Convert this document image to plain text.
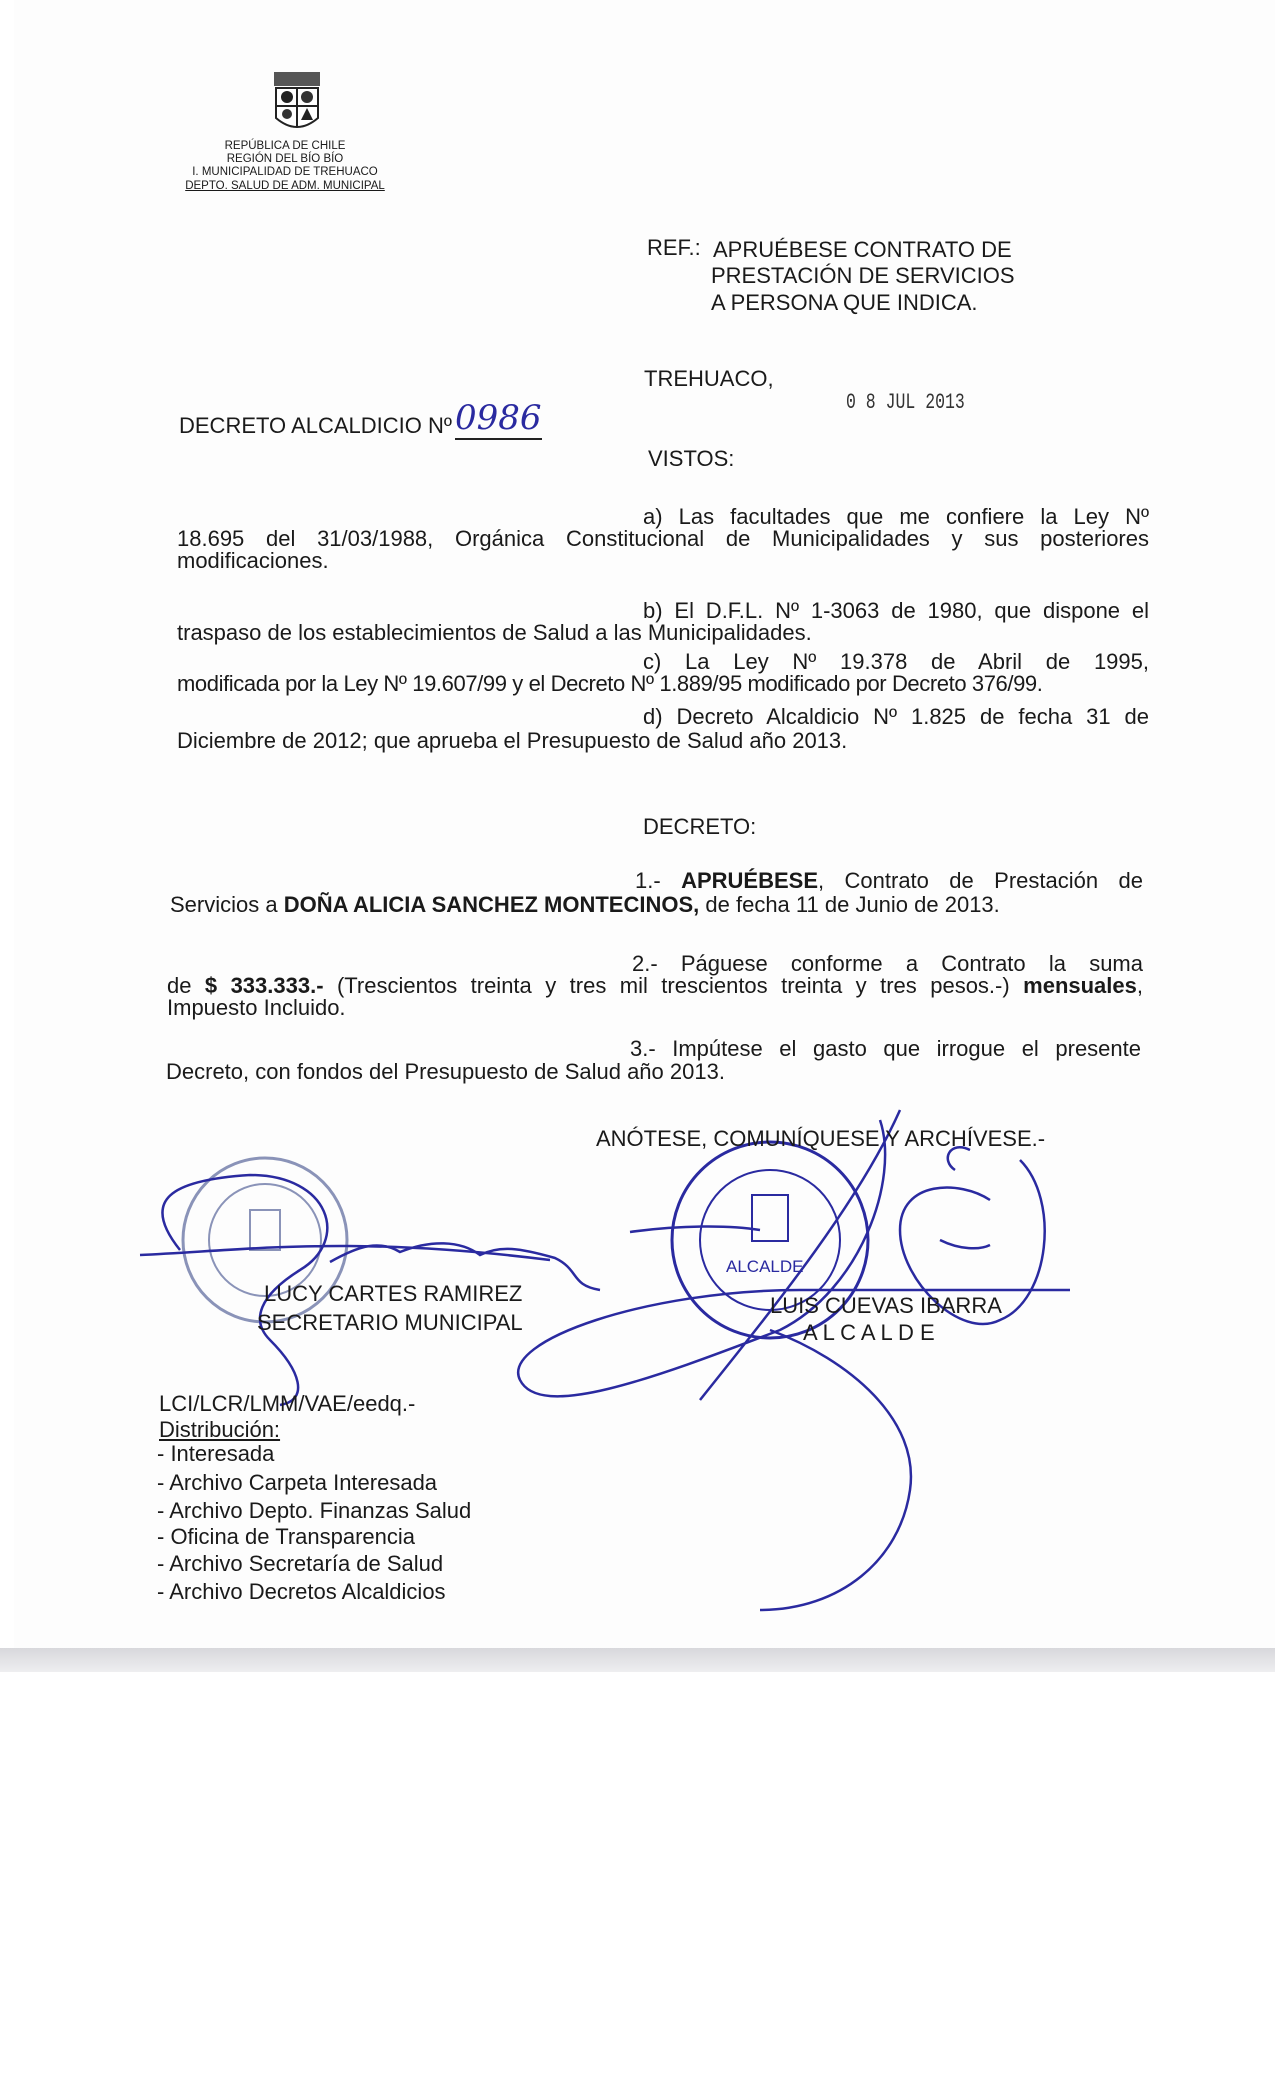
ALCALDE
REPÚBLICA DE CHILE
REGIÓN DEL BÍO BÍO
I. MUNICIPALIDAD DE TREHUACO
DEPTO. SALUD DE ADM. MUNICIPAL
REF.: APRUÉBESE CONTRATO DE
PRESTACIÓN DE SERVICIOS
A PERSONA QUE INDICA.
TREHUACO,
0 8 JUL 2013
DECRETO ALCALDICIO Nº 0986
VISTOS:
a) Las facultades que me confiere la Ley Nº
18.695 del 31/03/1988, Orgánica Constitucional de Municipalidades y sus posteriores
modificaciones.
b) El D.F.L. Nº 1-3063 de 1980, que dispone el
traspaso de los establecimientos de Salud a las Municipalidades.
c) La Ley Nº 19.378 de Abril de 1995,
modificada por la Ley Nº 19.607/99 y el Decreto Nº 1.889/95 modificado por Decreto 376/99.
d) Decreto Alcaldicio Nº 1.825 de fecha 31 de
Diciembre de 2012; que aprueba el Presupuesto de Salud año 2013.
DECRETO:
1.- APRUÉBESE, Contrato de Prestación de
Servicios a DOÑA ALICIA SANCHEZ MONTECINOS, de fecha 11 de Junio de 2013.
2.- Páguese conforme a Contrato la suma
de $ 333.333.- (Trescientos treinta y tres mil trescientos treinta y tres pesos.-) mensuales,
Impuesto Incluido.
3.- Impútese el gasto que irrogue el presente
Decreto, con fondos del Presupuesto de Salud año 2013.
ANÓTESE, COMUNÍQUESE Y ARCHÍVESE.-
LUCY CARTES RAMIREZ
SECRETARIO MUNICIPAL
LUIS CUEVAS IBARRA
A L C A L D E
LCI/LCR/LMM/VAE/eedq.-
Distribución:
- Interesada
- Archivo Carpeta Interesada
- Archivo Depto. Finanzas Salud
- Oficina de Transparencia
- Archivo Secretaría de Salud
- Archivo Decretos Alcaldicios
